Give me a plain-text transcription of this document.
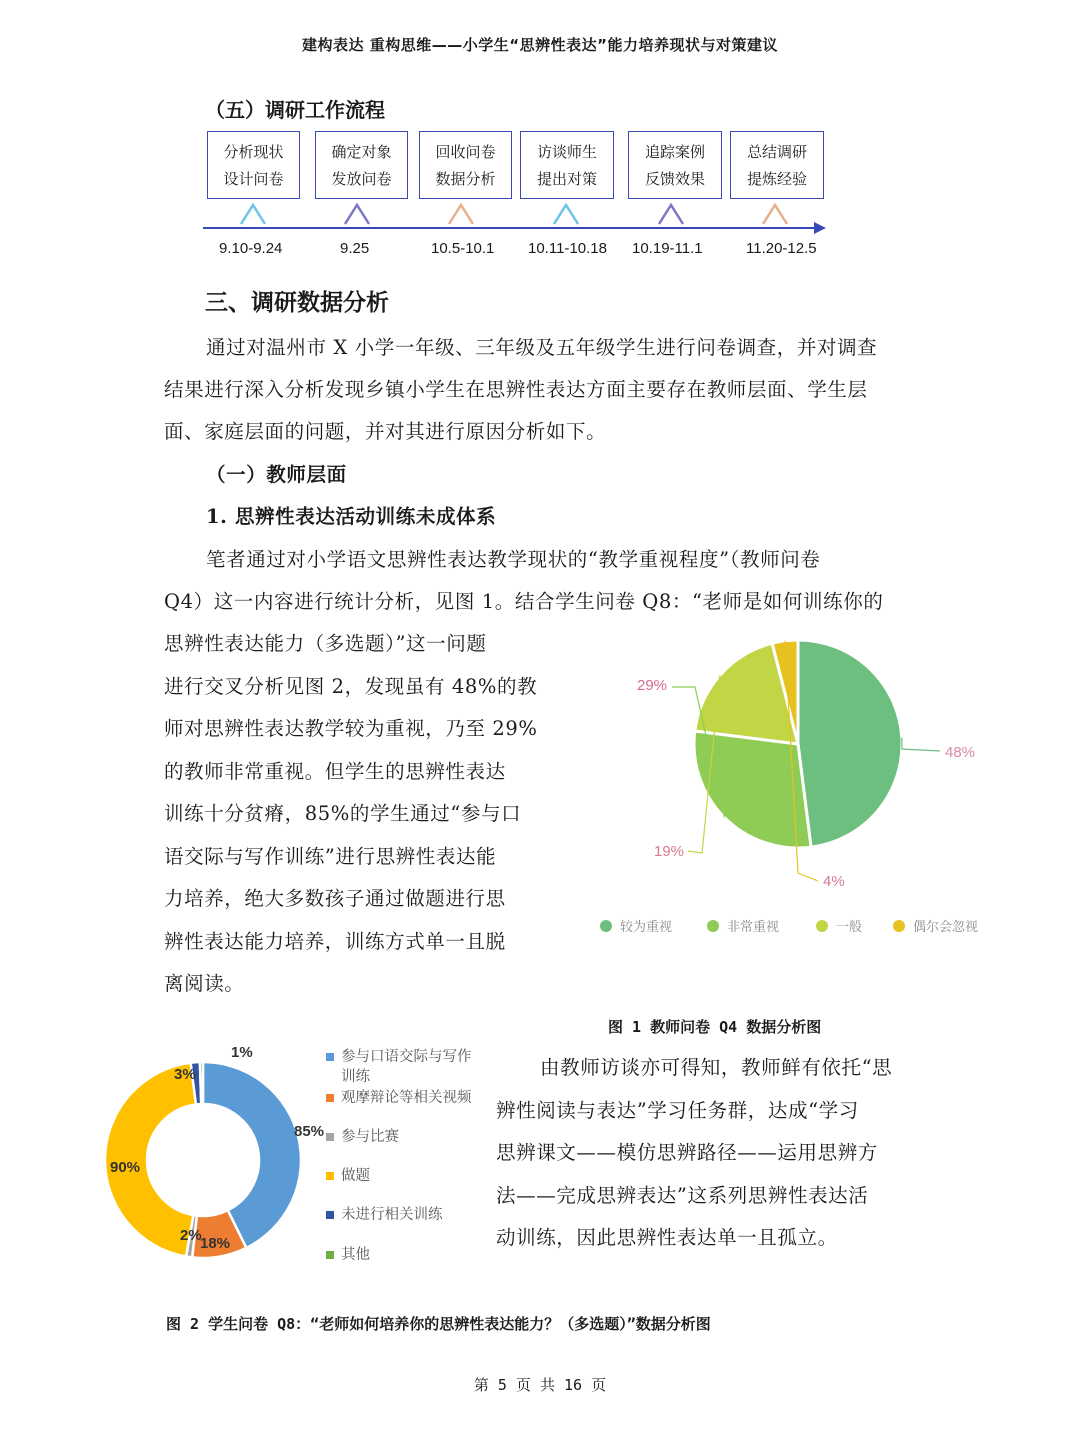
建构表达 重构思维——小学生“思辨性表达”能力培养现状与对策建议
（五）调研工作流程
分析现状
设计问卷
9.10-9.24
确定对象
发放问卷
9.25
回收问卷
数据分析
10.5-10.1
访谈师生
提出对策
10.11-10.18
追踪案例
反馈效果
10.19-11.1
总结调研
提炼经验
11.20-12.5
三、调研数据分析
通过对温州市 X 小学一年级、三年级及五年级学生进行问卷调查，并对调查
结果进行深入分析发现乡镇小学生在思辨性表达方面主要存在教师层面、学生层
面、家庭层面的问题，并对其进行原因分析如下。
（一）教师层面
1. 思辨性表达活动训练未成体系
笔者通过对小学语文思辨性表达教学现状的“教学重视程度”（教师问卷
Q4）这一内容进行统计分析，见图 1。结合学生问卷 Q8：“老师是如何训练你的
思辨性表达能力（多选题）”这一问题
进行交叉分析见图 2，发现虽有 48%的教
师对思辨性表达教学较为重视，乃至 29%
的教师非常重视。但学生的思辨性表达
训练十分贫瘠，85%的学生通过“参与口
语交际与写作训练”进行思辨性表达能
力培养，绝大多数孩子通过做题进行思
辨性表达能力培养，训练方式单一且脱
离阅读。
48%
29%
19%
4%
较为重视	非常重视	一般	偶尔会忽视
图 1 教师问卷 Q4 数据分析图
85%
18%
2%
90%
3%
1%	参与口语交际与写作训练
观摩辩论等相关视频
参与比赛
做题
未进行相关训练
其他
由教师访谈亦可得知，教师鲜有依托“思
辨性阅读与表达”学习任务群，达成“学习
思辨课文——模仿思辨路径——运用思辨方
法——完成思辨表达”这系列思辨性表达活
动训练，因此思辨性表达单一且孤立。
图 2 学生问卷 Q8：“老师如何培养你的思辨性表达能力？（多选题）”数据分析图
第 5 页 共 16 页
